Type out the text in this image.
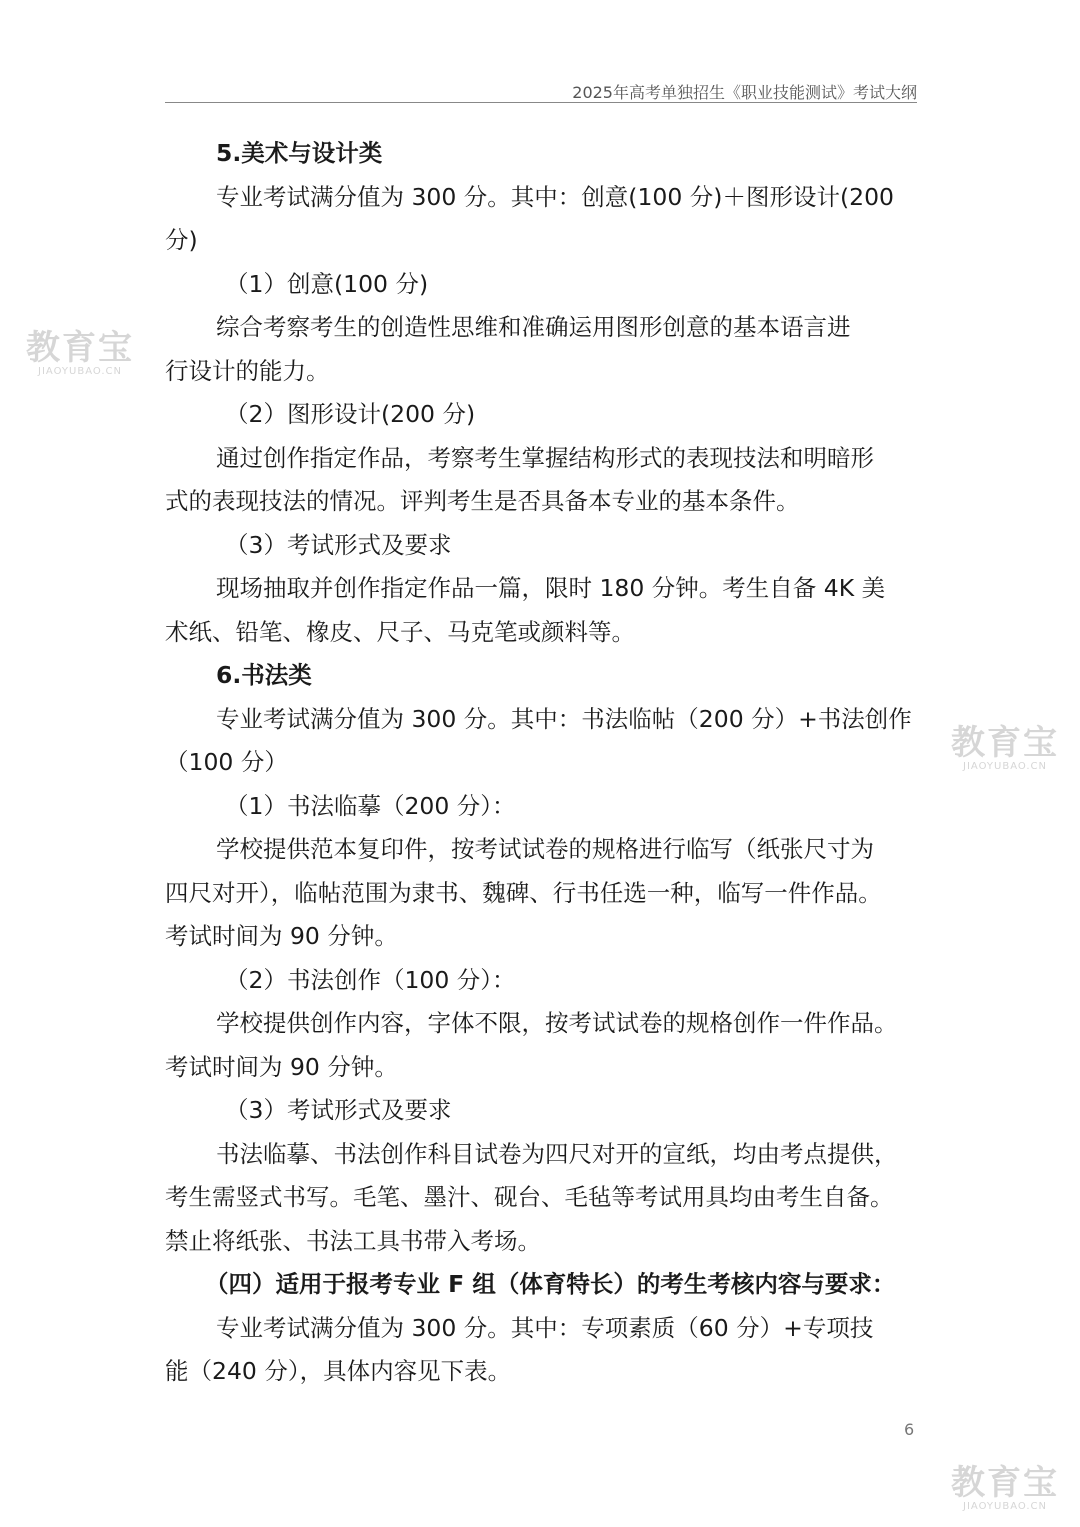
2025年高考单独招生《职业技能测试》考试大纲
5.美术与设计类
专业考试满分值为 300 分。其中：创意(100 分)＋图形设计(200
分)
（1）创意(100 分)
综合考察考生的创造性思维和准确运用图形创意的基本语言进
行设计的能力。
（2）图形设计(200 分)
通过创作指定作品，考察考生掌握结构形式的表现技法和明暗形
式的表现技法的情况。评判考生是否具备本专业的基本条件。
（3）考试形式及要求
现场抽取并创作指定作品一篇，限时 180 分钟。考生自备 4K 美
术纸、铅笔、橡皮、尺子、马克笔或颜料等。
6.书法类
专业考试满分值为 300 分。其中：书法临帖（200 分）+书法创作
（100 分）
（1）书法临摹（200 分）：
学校提供范本复印件，按考试试卷的规格进行临写（纸张尺寸为
四尺对开），临帖范围为隶书、魏碑、行书任选一种，临写一件作品。
考试时间为 90 分钟。
（2）书法创作（100 分）：
学校提供创作内容，字体不限，按考试试卷的规格创作一件作品。
考试时间为 90 分钟。
（3）考试形式及要求
书法临摹、书法创作科目试卷为四尺对开的宣纸，均由考点提供，
考生需竖式书写。毛笔、墨汁、砚台、毛毡等考试用具均由考生自备。
禁止将纸张、书法工具书带入考场。
（四）适用于报考专业 F 组（体育特长）的考生考核内容与要求：
专业考试满分值为 300 分。其中：专项素质（60 分）+专项技
能（240 分），具体内容见下表。
6
教育宝
JIAOYUBAO.CN
教育宝
JIAOYUBAO.CN
教育宝
JIAOYUBAO.CN
